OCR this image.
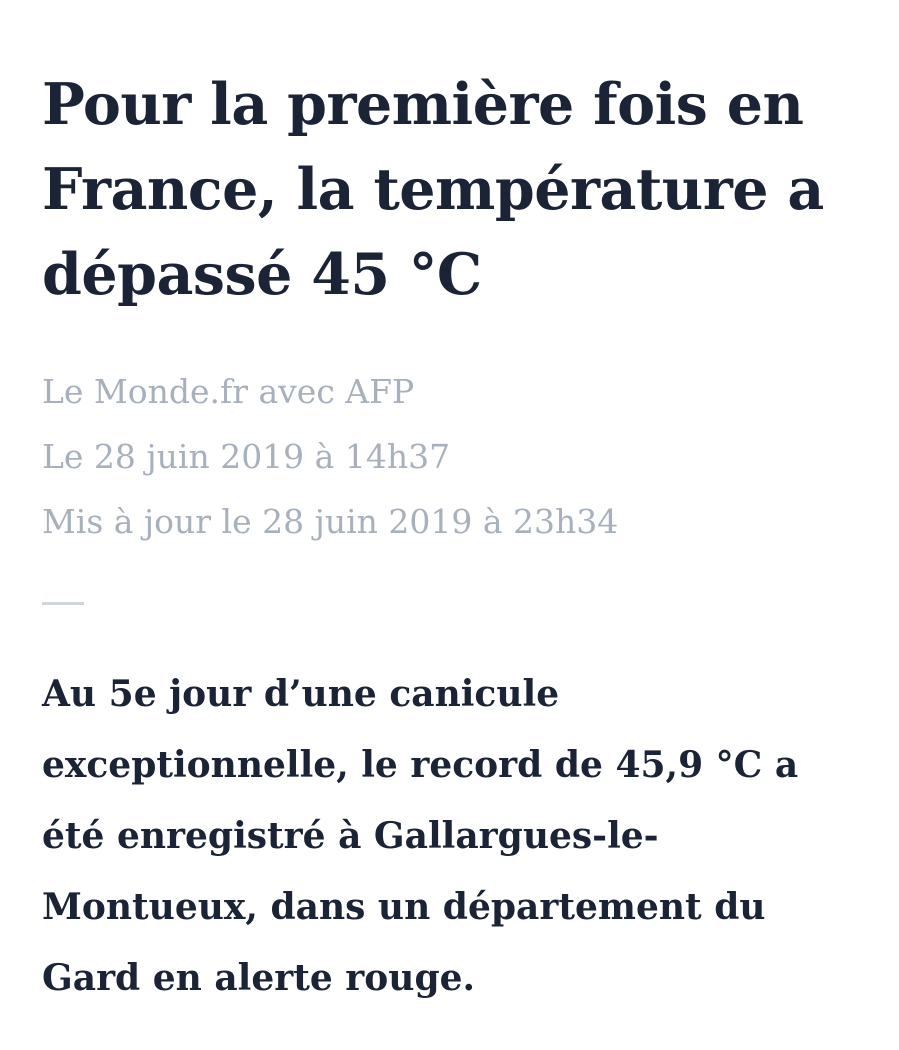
Pour la première fois en France, la température a dépassé 45 °C
Le Monde.fr avec AFP
Le 28 juin 2019 à 14h37
Mis à jour le 28 juin 2019 à 23h34

Au 5e jour d’une canicule exceptionnelle, le record de 45,9 °C a été enregistré à Gallargues-le-Montueux, dans un département du Gard en alerte rouge.
